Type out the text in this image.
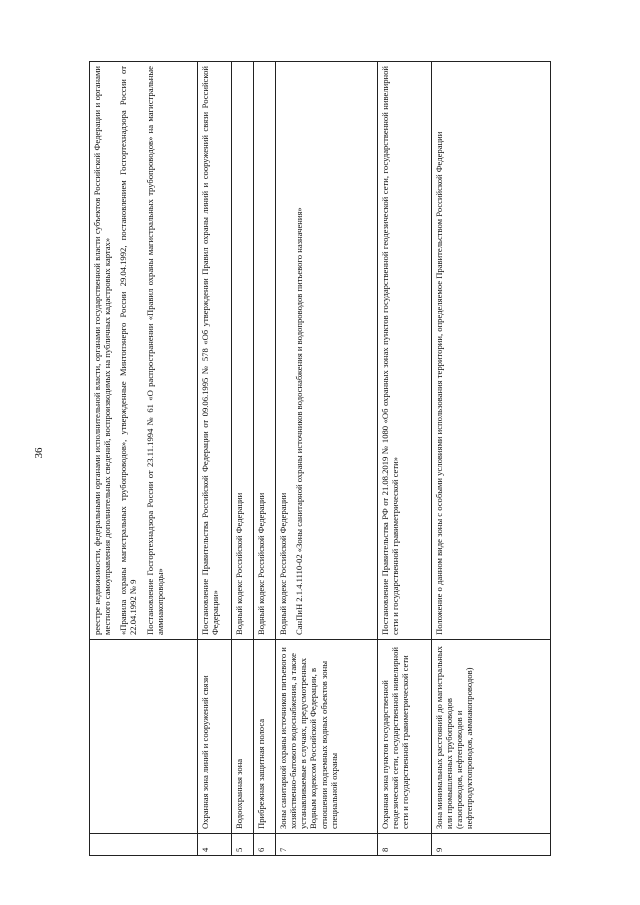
36

		реестре недвижимости, федеральными органами исполнительной власти, органами государственной власти субъектов Российской Федерации и органами местного самоуправления дополнительных сведений, воспроизводимых на публичных кадастровых картах» «Правила охраны магистральных трубопроводов», утвержденные Минтопэнерго России 29.04.1992, постановлением Госгортехнадзора России от 22.04.1992 № 9 Постановление Госгортехнадзора России от 23.11.1994 № 61 «О распространении «Правил охраны магистральных трубопроводов» на магистральные аммиакопроводы»

4	Охранная зона линий и сооружений связи	Постановление Правительства Российской Федерации от 09.06.1995 № 578 «Об утверждении Правил охраны линий и сооружений связи Российской Федерации»

5	Водоохранная зона	Водный кодекс Российской Федерации

6	Прибрежная защитная полоса	Водный кодекс Российской Федерации

7	Зоны санитарной охраны источников питьевого и хозяйственно-бытового водоснабжения, а также устанавливаемые в случаях, предусмотренных Водным кодексом Российской Федерации, в отношении подземных водных объектов зоны специальной охраны	Водный кодекс Российской Федерации СанПиН 2.1.4.1110-02 «Зоны санитарной охраны источников водоснабжения и водопроводов питьевого назначения»

8	Охранная зона пунктов государственной геодезической сети, государственной нивелирной сети и государственной гравиметрической сети	Постановление Правительства РФ от 21.08.2019 № 1080 «Об охранных зонах пунктов государственной геодезической сети, государственной нивелирной сети и государственной гравиметрической сети»

9	Зона минимальных расстояний до магистральных или промышленных трубопроводов (газопроводов, нефтепроводов и нефтепродуктопроводов, аммиакопроводов)	Положение о данном виде зоны с особыми условиями использования территории, определяемое Правительством Российской Федерации
